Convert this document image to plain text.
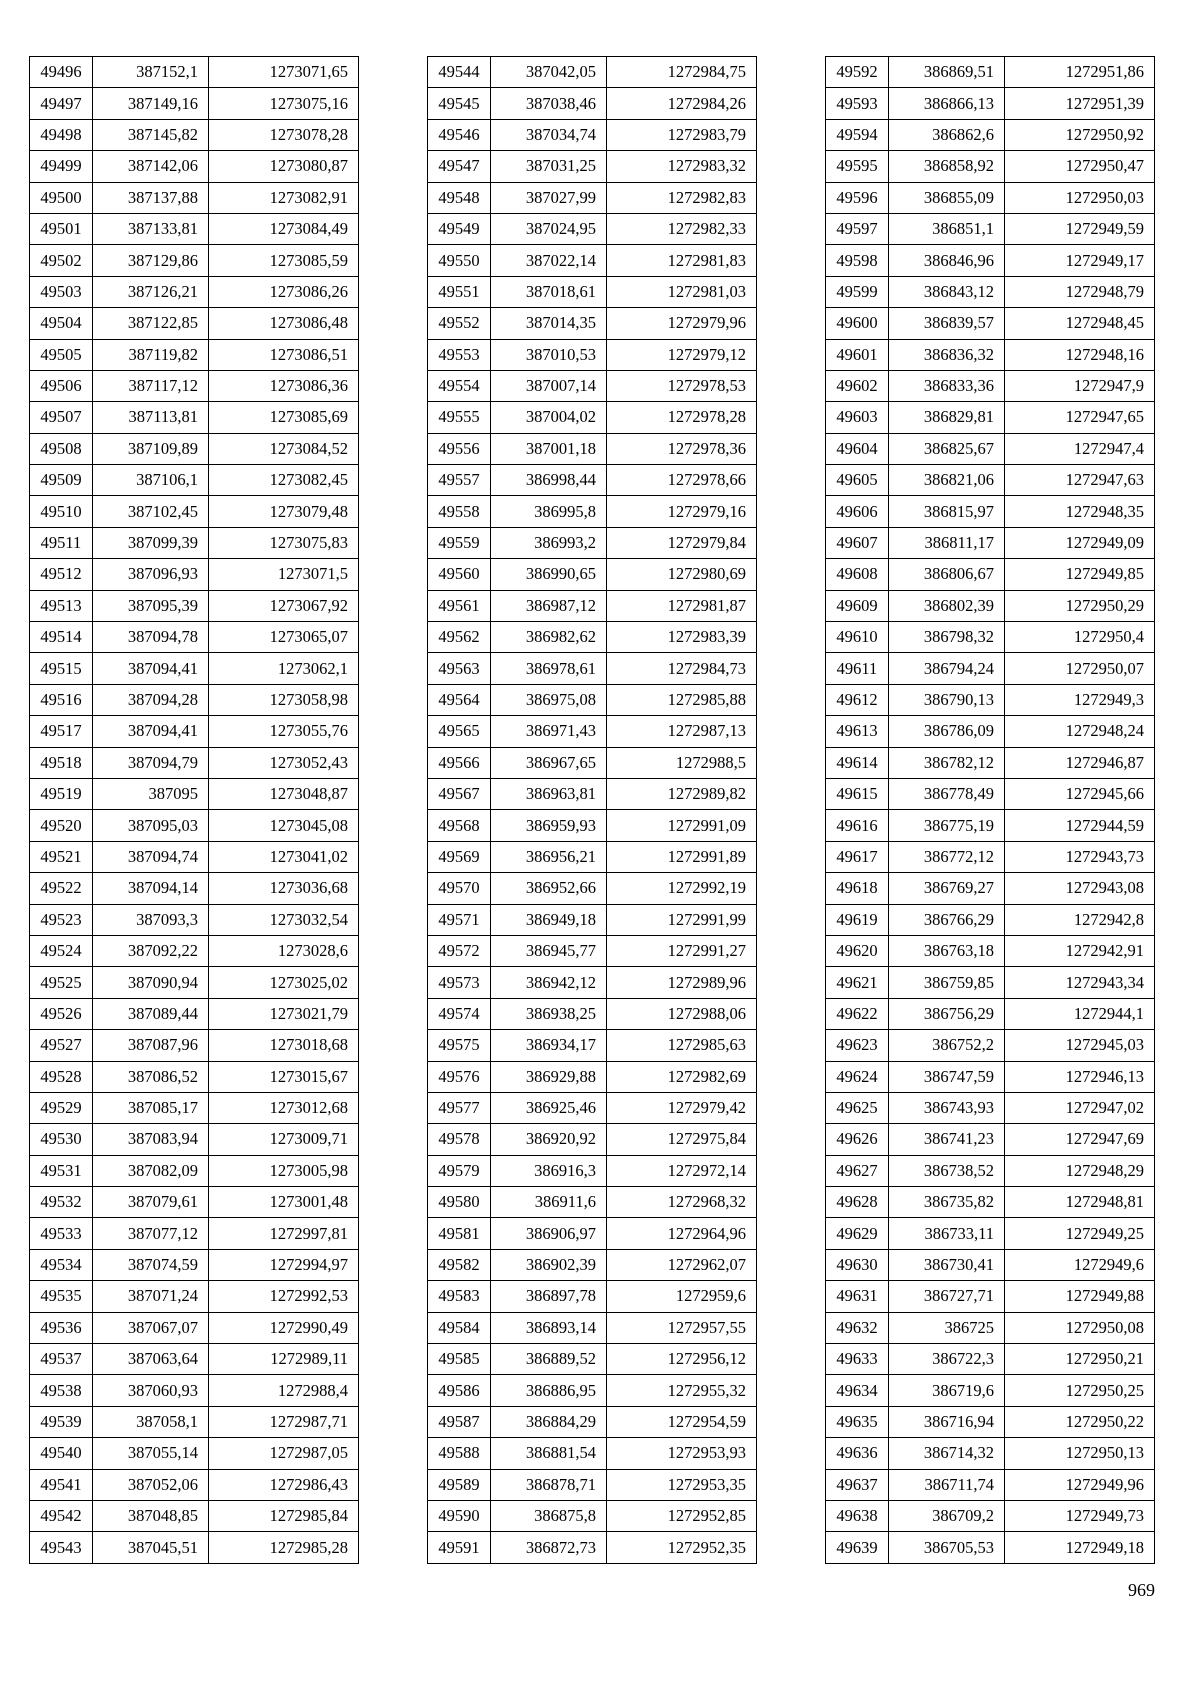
49496	387152,1	1273071,65
49497	387149,16	1273075,16
49498	387145,82	1273078,28
49499	387142,06	1273080,87
49500	387137,88	1273082,91
49501	387133,81	1273084,49
49502	387129,86	1273085,59
49503	387126,21	1273086,26
49504	387122,85	1273086,48
49505	387119,82	1273086,51
49506	387117,12	1273086,36
49507	387113,81	1273085,69
49508	387109,89	1273084,52
49509	387106,1	1273082,45
49510	387102,45	1273079,48
49511	387099,39	1273075,83
49512	387096,93	1273071,5
49513	387095,39	1273067,92
49514	387094,78	1273065,07
49515	387094,41	1273062,1
49516	387094,28	1273058,98
49517	387094,41	1273055,76
49518	387094,79	1273052,43
49519	387095	1273048,87
49520	387095,03	1273045,08
49521	387094,74	1273041,02
49522	387094,14	1273036,68
49523	387093,3	1273032,54
49524	387092,22	1273028,6
49525	387090,94	1273025,02
49526	387089,44	1273021,79
49527	387087,96	1273018,68
49528	387086,52	1273015,67
49529	387085,17	1273012,68
49530	387083,94	1273009,71
49531	387082,09	1273005,98
49532	387079,61	1273001,48
49533	387077,12	1272997,81
49534	387074,59	1272994,97
49535	387071,24	1272992,53
49536	387067,07	1272990,49
49537	387063,64	1272989,11
49538	387060,93	1272988,4
49539	387058,1	1272987,71
49540	387055,14	1272987,05
49541	387052,06	1272986,43
49542	387048,85	1272985,84
49543	387045,51	1272985,28
49544	387042,05	1272984,75
49545	387038,46	1272984,26
49546	387034,74	1272983,79
49547	387031,25	1272983,32
49548	387027,99	1272982,83
49549	387024,95	1272982,33
49550	387022,14	1272981,83
49551	387018,61	1272981,03
49552	387014,35	1272979,96
49553	387010,53	1272979,12
49554	387007,14	1272978,53
49555	387004,02	1272978,28
49556	387001,18	1272978,36
49557	386998,44	1272978,66
49558	386995,8	1272979,16
49559	386993,2	1272979,84
49560	386990,65	1272980,69
49561	386987,12	1272981,87
49562	386982,62	1272983,39
49563	386978,61	1272984,73
49564	386975,08	1272985,88
49565	386971,43	1272987,13
49566	386967,65	1272988,5
49567	386963,81	1272989,82
49568	386959,93	1272991,09
49569	386956,21	1272991,89
49570	386952,66	1272992,19
49571	386949,18	1272991,99
49572	386945,77	1272991,27
49573	386942,12	1272989,96
49574	386938,25	1272988,06
49575	386934,17	1272985,63
49576	386929,88	1272982,69
49577	386925,46	1272979,42
49578	386920,92	1272975,84
49579	386916,3	1272972,14
49580	386911,6	1272968,32
49581	386906,97	1272964,96
49582	386902,39	1272962,07
49583	386897,78	1272959,6
49584	386893,14	1272957,55
49585	386889,52	1272956,12
49586	386886,95	1272955,32
49587	386884,29	1272954,59
49588	386881,54	1272953,93
49589	386878,71	1272953,35
49590	386875,8	1272952,85
49591	386872,73	1272952,35
49592	386869,51	1272951,86
49593	386866,13	1272951,39
49594	386862,6	1272950,92
49595	386858,92	1272950,47
49596	386855,09	1272950,03
49597	386851,1	1272949,59
49598	386846,96	1272949,17
49599	386843,12	1272948,79
49600	386839,57	1272948,45
49601	386836,32	1272948,16
49602	386833,36	1272947,9
49603	386829,81	1272947,65
49604	386825,67	1272947,4
49605	386821,06	1272947,63
49606	386815,97	1272948,35
49607	386811,17	1272949,09
49608	386806,67	1272949,85
49609	386802,39	1272950,29
49610	386798,32	1272950,4
49611	386794,24	1272950,07
49612	386790,13	1272949,3
49613	386786,09	1272948,24
49614	386782,12	1272946,87
49615	386778,49	1272945,66
49616	386775,19	1272944,59
49617	386772,12	1272943,73
49618	386769,27	1272943,08
49619	386766,29	1272942,8
49620	386763,18	1272942,91
49621	386759,85	1272943,34
49622	386756,29	1272944,1
49623	386752,2	1272945,03
49624	386747,59	1272946,13
49625	386743,93	1272947,02
49626	386741,23	1272947,69
49627	386738,52	1272948,29
49628	386735,82	1272948,81
49629	386733,11	1272949,25
49630	386730,41	1272949,6
49631	386727,71	1272949,88
49632	386725	1272950,08
49633	386722,3	1272950,21
49634	386719,6	1272950,25
49635	386716,94	1272950,22
49636	386714,32	1272950,13
49637	386711,74	1272949,96
49638	386709,2	1272949,73
49639	386705,53	1272949,18
969
